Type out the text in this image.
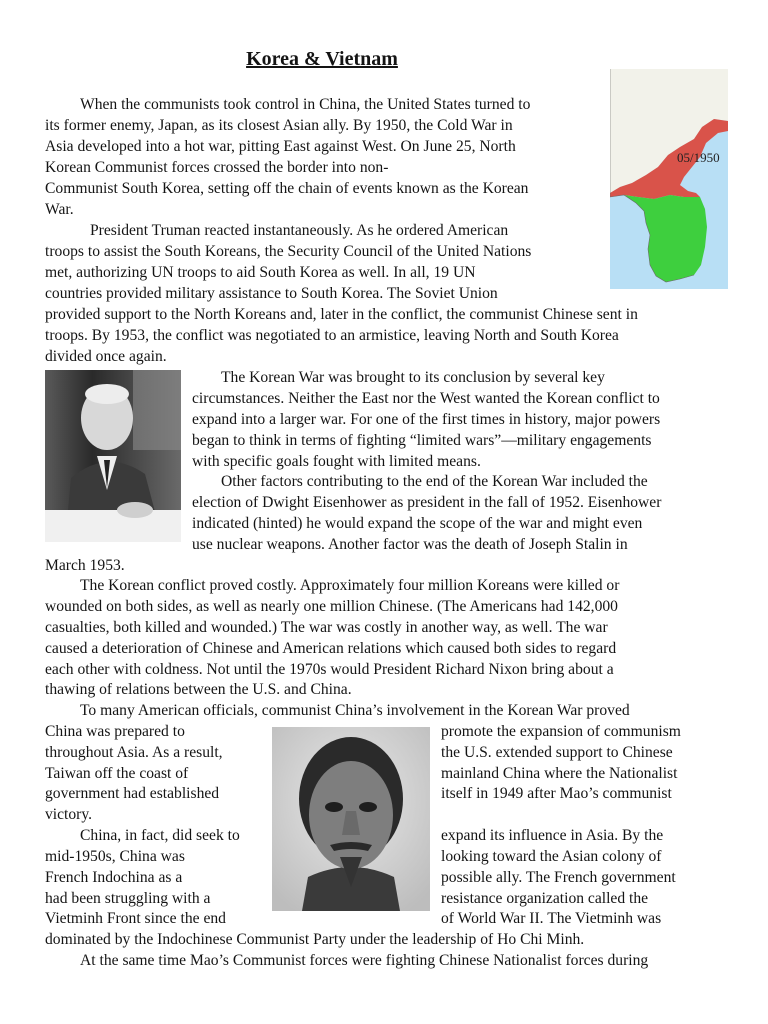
Korea & Vietnam
05/1950
When the communists took control in China, the United States turned to
its former enemy, Japan, as its closest Asian ally. By 1950, the Cold War in
Asia developed into a hot war, pitting East against West. On June 25, North
Korean Communist forces crossed the border into non-
Communist South Korea, setting off the chain of events known as the Korean
War.
President Truman reacted instantaneously. As he ordered American
troops to assist the South Koreans, the Security Council of the United Nations
met, authorizing UN troops to aid South Korea as well. In all, 19 UN
countries provided military assistance to South Korea. The Soviet Union
provided support to the North Koreans and, later in the conflict, the communist Chinese sent in
troops. By 1953, the conflict was negotiated to an armistice, leaving North and South Korea
divided once again.
The Korean War was brought to its conclusion by several key
circumstances. Neither the East nor the West wanted the Korean conflict to
expand into a larger war. For one of the first times in history, major powers
began to think in terms of fighting “limited wars”—military engagements
with specific goals fought with limited means.
Other factors contributing to the end of the Korean War included the
election of Dwight Eisenhower as president in the fall of 1952. Eisenhower
indicated (hinted) he would expand the scope of the war and might even
use nuclear weapons. Another factor was the death of Joseph Stalin in
March 1953.
The Korean conflict proved costly. Approximately four million Koreans were killed or
wounded on both sides, as well as nearly one million Chinese. (The Americans had 142,000
casualties, both killed and wounded.) The war was costly in another way, as well. The war
caused a deterioration of Chinese and American relations which caused both sides to regard
each other with coldness. Not until the 1970s would President Richard Nixon bring about a
thawing of relations between the U.S. and China.
To many American officials, communist China’s involvement in the Korean War proved
China was prepared to	promote the expansion of communism
throughout Asia. As a result,	the U.S. extended support to Chinese
Taiwan off the coast of	mainland China where the Nationalist
government had established	itself in 1949 after Mao’s communist
victory.
China, in fact, did seek to	expand its influence in Asia. By the
mid-1950s, China was	looking toward the Asian colony of
French Indochina as a	possible ally. The French government
had been struggling with a	resistance organization called the
Vietminh Front since the end	of World War II. The Vietminh was
dominated by the Indochinese Communist Party under the leadership of Ho Chi Minh.
At the same time Mao’s Communist forces were fighting Chinese Nationalist forces during
